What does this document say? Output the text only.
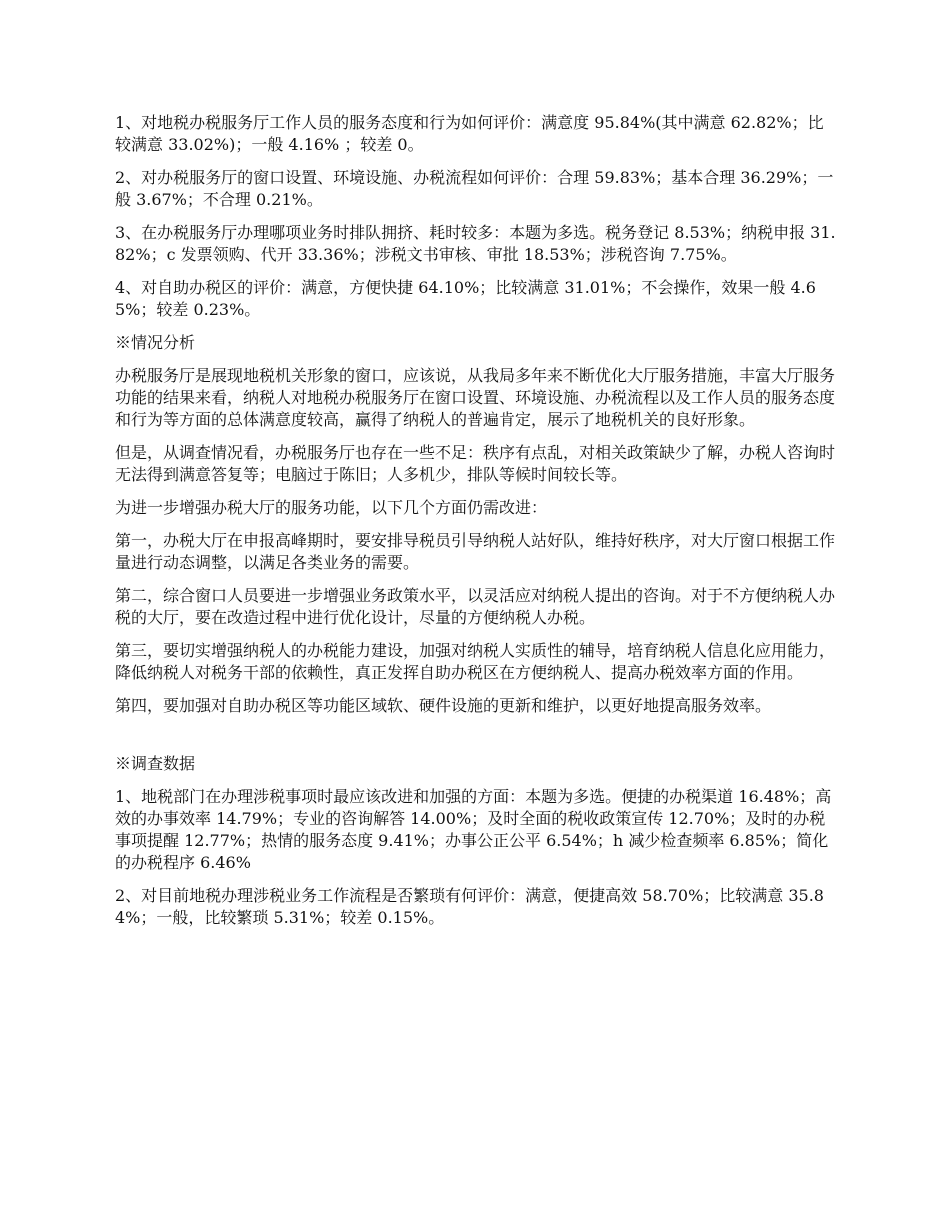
1、对地税办税服务厅工作人员的服务态度和行为如何评价：满意度 95.84%(其中满意 62.82%；比较满意 33.02%)；一般 4.16% ；较差 0。

2、对办税服务厅的窗口设置、环境设施、办税流程如何评价：合理 59.83%；基本合理 36.29%；一般 3.67%；不合理 0.21%。

3、在办税服务厅办理哪项业务时排队拥挤、耗时较多：本题为多选。税务登记 8.53%；纳税申报 31.82%；c 发票领购、代开 33.36%；涉税文书审核、审批 18.53%；涉税咨询 7.75%。

4、对自助办税区的评价：满意，方便快捷 64.10%；比较满意 31.01%；不会操作，效果一般 4.65%；较差 0.23%。

※情况分析

办税服务厅是展现地税机关形象的窗口，应该说，从我局多年来不断优化大厅服务措施，丰富大厅服务功能的结果来看，纳税人对地税办税服务厅在窗口设置、环境设施、办税流程以及工作人员的服务态度和行为等方面的总体满意度较高，赢得了纳税人的普遍肯定，展示了地税机关的良好形象。

但是，从调查情况看，办税服务厅也存在一些不足：秩序有点乱，对相关政策缺少了解，办税人咨询时无法得到满意答复等；电脑过于陈旧；人多机少，排队等候时间较长等。

为进一步增强办税大厅的服务功能，以下几个方面仍需改进：

第一，办税大厅在申报高峰期时，要安排导税员引导纳税人站好队，维持好秩序，对大厅窗口根据工作量进行动态调整，以满足各类业务的需要。

第二，综合窗口人员要进一步增强业务政策水平，以灵活应对纳税人提出的咨询。对于不方便纳税人办税的大厅，要在改造过程中进行优化设计，尽量的方便纳税人办税。

第三，要切实增强纳税人的办税能力建设，加强对纳税人实质性的辅导，培育纳税人信息化应用能力，降低纳税人对税务干部的依赖性，真正发挥自助办税区在方便纳税人、提高办税效率方面的作用。

第四，要加强对自助办税区等功能区域软、硬件设施的更新和维护，以更好地提高服务效率。

※调查数据

1、地税部门在办理涉税事项时最应该改进和加强的方面：本题为多选。便捷的办税渠道 16.48%；高效的办事效率 14.79%；专业的咨询解答 14.00%；及时全面的税收政策宣传 12.70%；及时的办税事项提醒 12.77%；热情的服务态度 9.41%；办事公正公平 6.54%；h 减少检查频率 6.85%；简化的办税程序 6.46%

2、对目前地税办理涉税业务工作流程是否繁琐有何评价：满意，便捷高效 58.70%；比较满意 35.84%；一般，比较繁琐 5.31%；较差 0.15%。
